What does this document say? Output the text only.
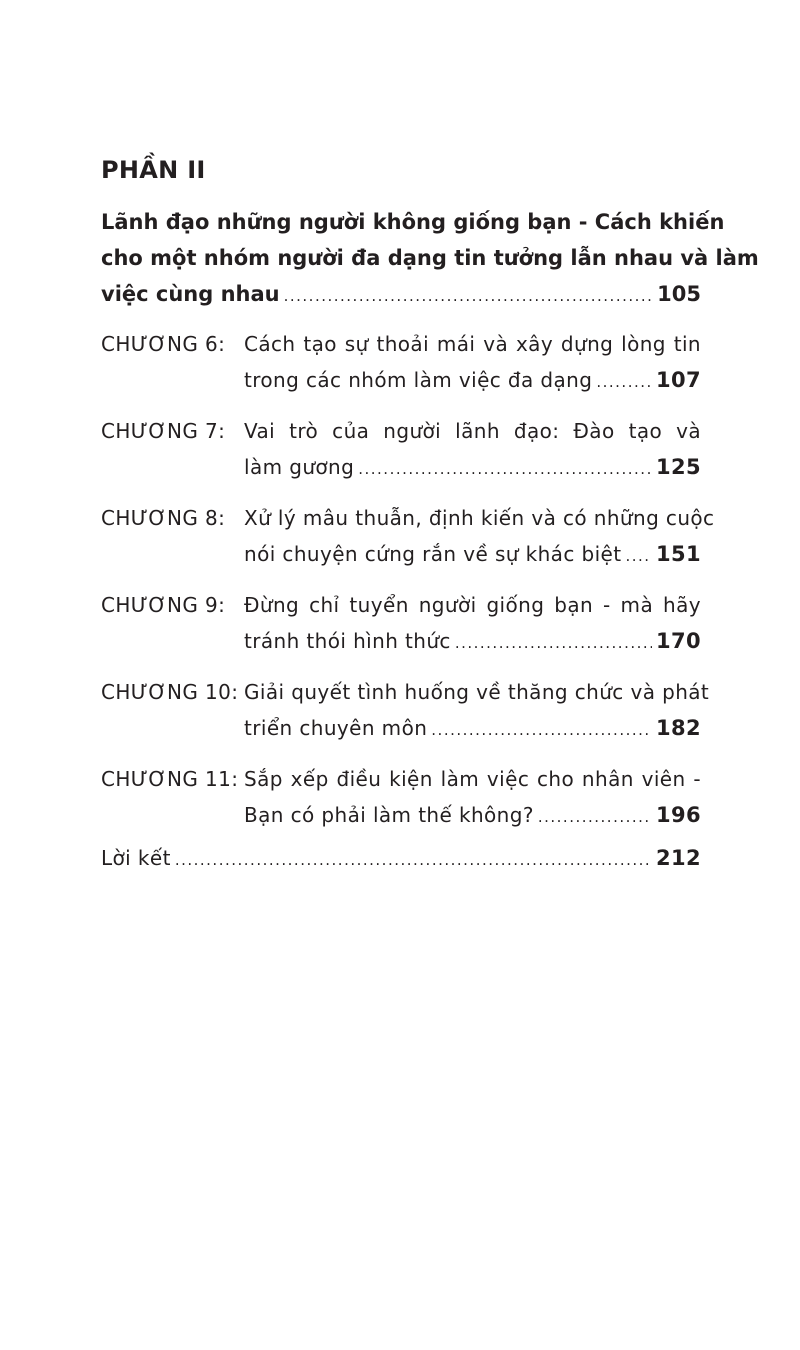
PHẦN II
Lãnh đạo những người không giống bạn - Cách khiến
cho một nhóm người đa dạng tin tưởng lẫn nhau và làm
việc cùng nhau .....	105
CHƯƠNG 6: Cách tạo sự thoải mái và xây dựng lòng tin
trong các nhóm làm việc đa dạng .....	107
CHƯƠNG 7: Vai trò của người lãnh đạo: Đào tạo và
làm gương .....	125
CHƯƠNG 8: Xử lý mâu thuẫn, định kiến và có những cuộc
nói chuyện cứng rắn về sự khác biệt ..... 151
CHƯƠNG 9: Đừng chỉ tuyển người giống bạn - mà hãy
tránh thói hình thức .....	170
CHƯƠNG 10: Giải quyết tình huống về thăng chức và phát
triển chuyên môn .....	182
CHƯƠNG 11: Sắp xếp điều kiện làm việc cho nhân viên -
Bạn có phải làm thế không? .....	196
Lời kết .....	212
